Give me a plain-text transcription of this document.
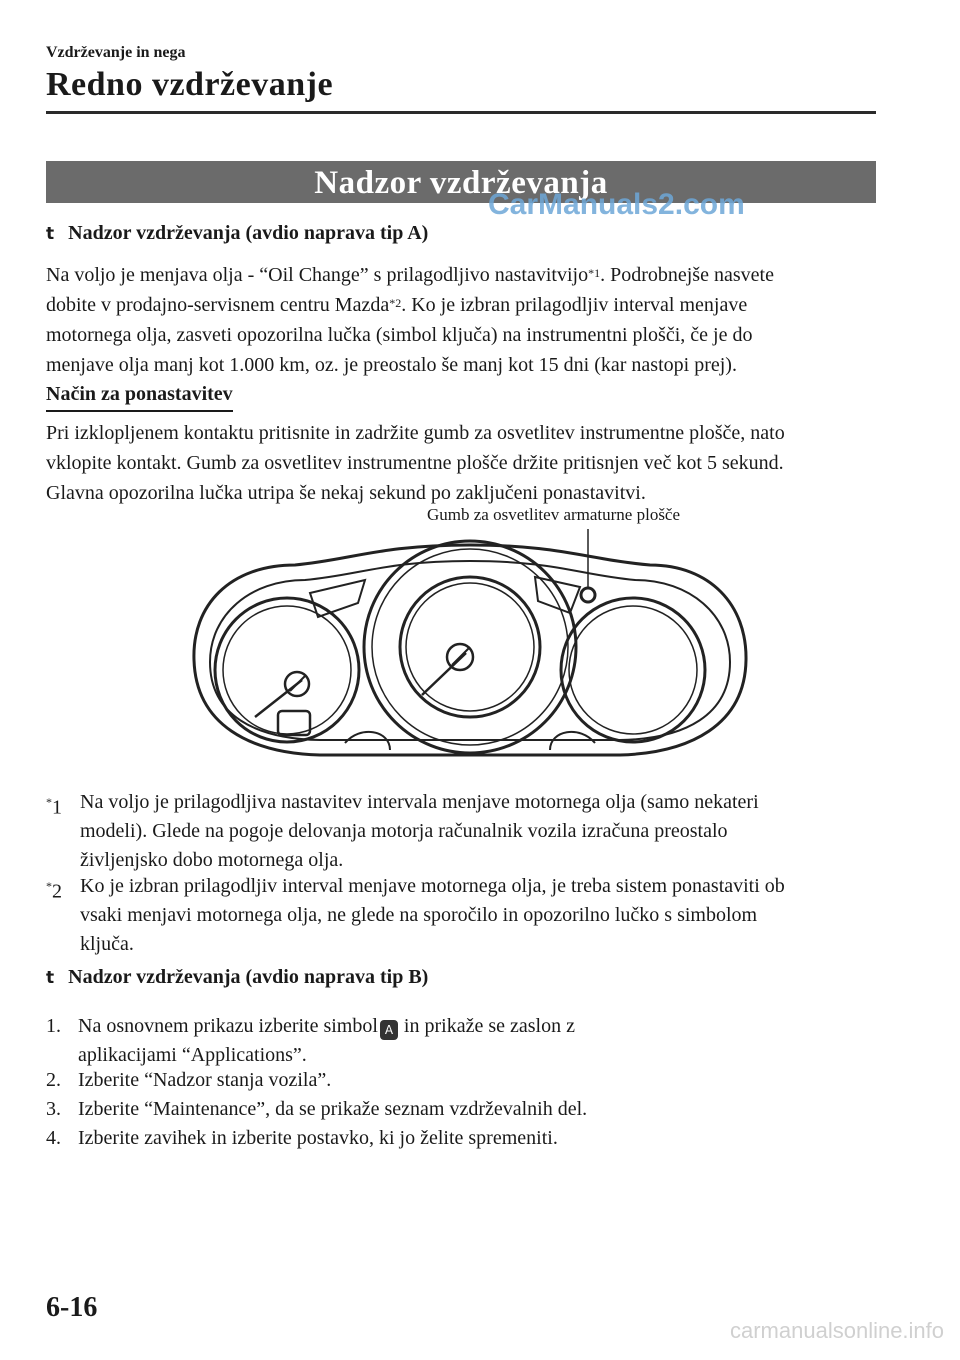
Vzdrževanje in nega
Redno vzdrževanje
Nadzor vzdrževanja
CarManuals2.com
t Nadzor vzdrževanja (avdio naprava tip A)
Na voljo je menjava olja - “Oil Change” s prilagodljivo nastavitvijo$^{*1}$. Podrobnejše nasvete
dobite v prodajno-servisnem centru Mazda$^{*2}$. Ko je izbran prilagodljiv interval menjave
motornega olja, zasveti opozorilna lučka (simbol ključa) na instrumentni plošči, če je do
menjave olja manj kot 1.000 km, oz. je preostalo še manj kot 15 dni (kar nastopi prej).
Način za ponastavitev
Pri izklopljenem kontaktu pritisnite in zadržite gumb za osvetlitev instrumentne plošče, nato
vklopite kontakt. Gumb za osvetlitev instrumentne plošče držite pritisnjen več kot 5 sekund.
Glavna opozorilna lučka utripa še nekaj sekund po zaključeni ponastavitvi.
Gumb za osvetlitev armaturne plošče
*1 Na voljo je prilagodljiva nastavitev intervala menjave motornega olja (samo nekateri
modeli). Glede na pogoje delovanja motorja računalnik vozila izračuna preostalo
življenjsko dobo motornega olja.
*2 Ko je izbran prilagodljiv interval menjave motornega olja, je treba sistem ponastaviti ob
vsaki menjavi motornega olja, ne glede na sporočilo in opozorilno lučko s simbolom
ključa.
t Nadzor vzdrževanja (avdio naprava tip B)
1. Na osnovnem prikazu izberite simbol A in prikaže se zaslon z
aplikacijami “Applications”.
2. Izberite “Nadzor stanja vozila”.
3. Izberite “Maintenance”, da se prikaže seznam vzdrževalnih del.
4. Izberite zavihek in izberite postavko, ki jo želite spremeniti.
6-16
carmanualsonline.info
